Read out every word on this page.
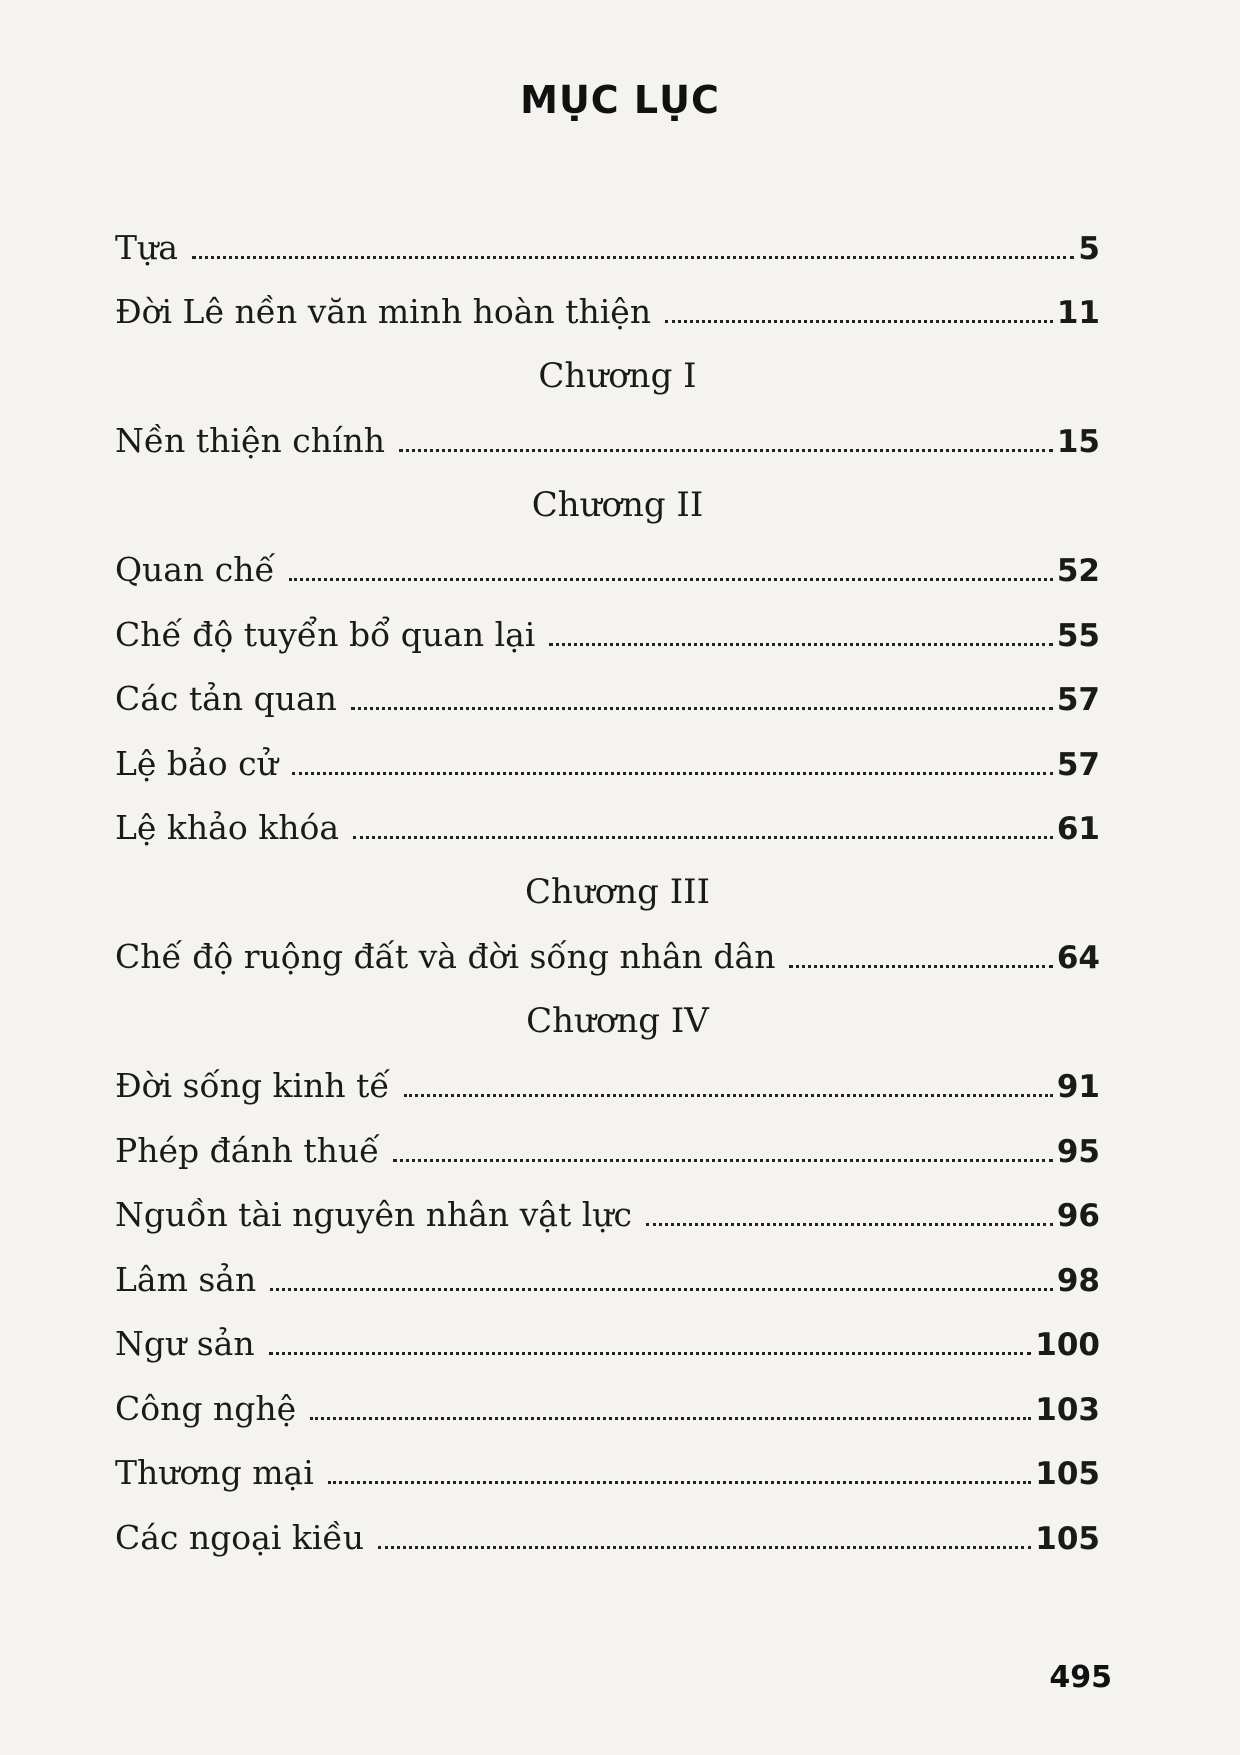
MỤC LỤC
Tựa	5
Đời Lê nền văn minh hoàn thiện	11
Chương I
Nền thiện chính	15
Chương II
Quan chế	52
Chế độ tuyển bổ quan lại	55
Các tản quan	57
Lệ bảo cử	57
Lệ khảo khóa	61
Chương III
Chế độ ruộng đất và đời sống nhân dân	64
Chương IV
Đời sống kinh tế	91
Phép đánh thuế	95
Nguồn tài nguyên nhân vật lực	96
Lâm sản	98
Ngư sản	100
Công nghệ	103
Thương mại	105
Các ngoại kiều	105
495
